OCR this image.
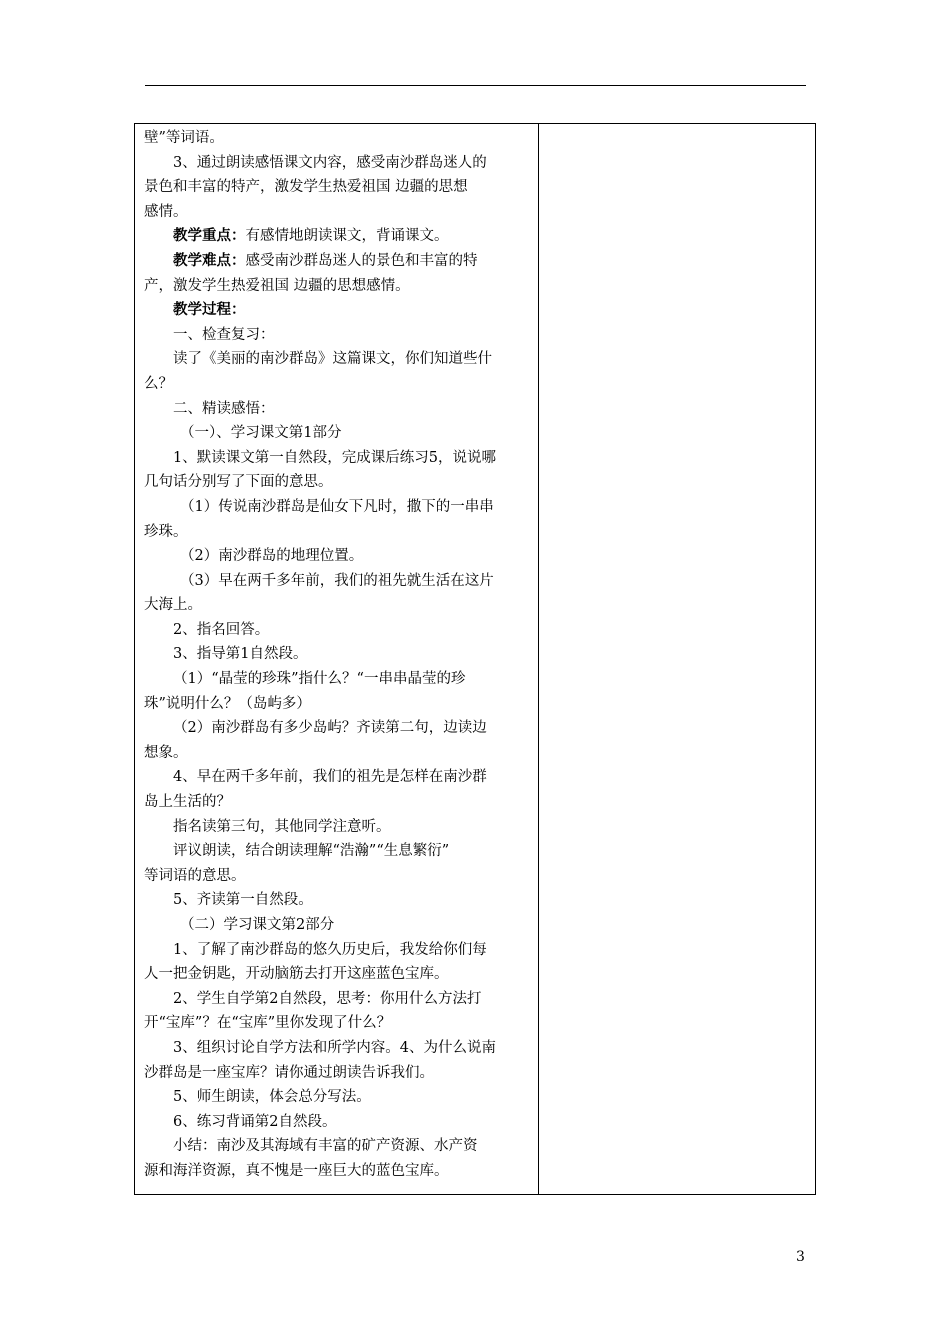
壁”等词语。

3、通过朗读感悟课文内容，感受南沙群岛迷人的

景色和丰富的特产，激发学生热爱祖国 边疆的思想

感情。

教学重点：有感情地朗读课文，背诵课文。

教学难点：感受南沙群岛迷人的景色和丰富的特

产，激发学生热爱祖国 边疆的思想感情。

教学过程：

一、检查复习：

读了《美丽的南沙群岛》这篇课文，你们知道些什

么？

二、精读感悟：

（一）、学习课文第1部分

1、默读课文第一自然段，完成课后练习5，说说哪

几句话分别写了下面的意思。

（1）传说南沙群岛是仙女下凡时，撒下的一串串

珍珠。

（2）南沙群岛的地理位置。

（3）早在两千多年前，我们的祖先就生活在这片

大海上。

2、指名回答。

3、指导第1自然段。

（1）“晶莹的珍珠”指什么？“一串串晶莹的珍

珠”说明什么？（岛屿多）

（2）南沙群岛有多少岛屿？齐读第二句，边读边

想象。

4、早在两千多年前，我们的祖先是怎样在南沙群

岛上生活的？

指名读第三句，其他同学注意听。

评议朗读，结合朗读理解“浩瀚”“生息繁衍”

等词语的意思。

5、齐读第一自然段。

（二）学习课文第2部分

1、了解了南沙群岛的悠久历史后，我发给你们每

人一把金钥匙，开动脑筋去打开这座蓝色宝库。

2、学生自学第2自然段，思考：你用什么方法打

开“宝库”？在“宝库”里你发现了什么？

3、组织讨论自学方法和所学内容。4、为什么说南

沙群岛是一座宝库？请你通过朗读告诉我们。

5、师生朗读，体会总分写法。

6、练习背诵第2自然段。

小结：南沙及其海域有丰富的矿产资源、水产资

源和海洋资源，真不愧是一座巨大的蓝色宝库。

3
